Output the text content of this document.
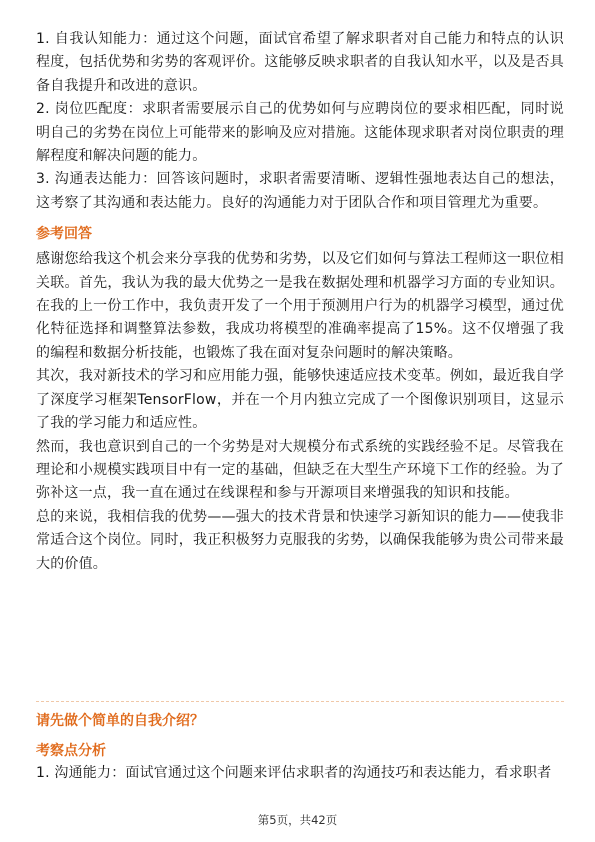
1. 自我认知能力：通过这个问题，面试官希望了解求职者对自己能力和特点的认识程度，包括优势和劣势的客观评价。这能够反映求职者的自我认知水平，以及是否具备自我提升和改进的意识。

2. 岗位匹配度：求职者需要展示自己的优势如何与应聘岗位的要求相匹配，同时说明自己的劣势在岗位上可能带来的影响及应对措施。这能体现求职者对岗位职责的理解程度和解决问题的能力。

3. 沟通表达能力：回答该问题时，求职者需要清晰、逻辑性强地表达自己的想法，这考察了其沟通和表达能力。良好的沟通能力对于团队合作和项目管理尤为重要。

参考回答

感谢您给我这个机会来分享我的优势和劣势，以及它们如何与算法工程师这一职位相关联。首先，我认为我的最大优势之一是我在数据处理和机器学习方面的专业知识。在我的上一份工作中，我负责开发了一个用于预测用户行为的机器学习模型，通过优化特征选择和调整算法参数，我成功将模型的准确率提高了15%。这不仅增强了我的编程和数据分析技能，也锻炼了我在面对复杂问题时的解决策略。

其次，我对新技术的学习和应用能力强，能够快速适应技术变革。例如，最近我自学了深度学习框架TensorFlow，并在一个月内独立完成了一个图像识别项目，这显示了我的学习能力和适应性。

然而，我也意识到自己的一个劣势是对大规模分布式系统的实践经验不足。尽管我在理论和小规模实践项目中有一定的基础，但缺乏在大型生产环境下工作的经验。为了弥补这一点，我一直在通过在线课程和参与开源项目来增强我的知识和技能。

总的来说，我相信我的优势——强大的技术背景和快速学习新知识的能力——使我非常适合这个岗位。同时，我正积极努力克服我的劣势，以确保我能够为贵公司带来最大的价值。

请先做个简单的自我介绍？
考察点分析

1. 沟通能力：面试官通过这个问题来评估求职者的沟通技巧和表达能力，看求职者

第5页，共42页
